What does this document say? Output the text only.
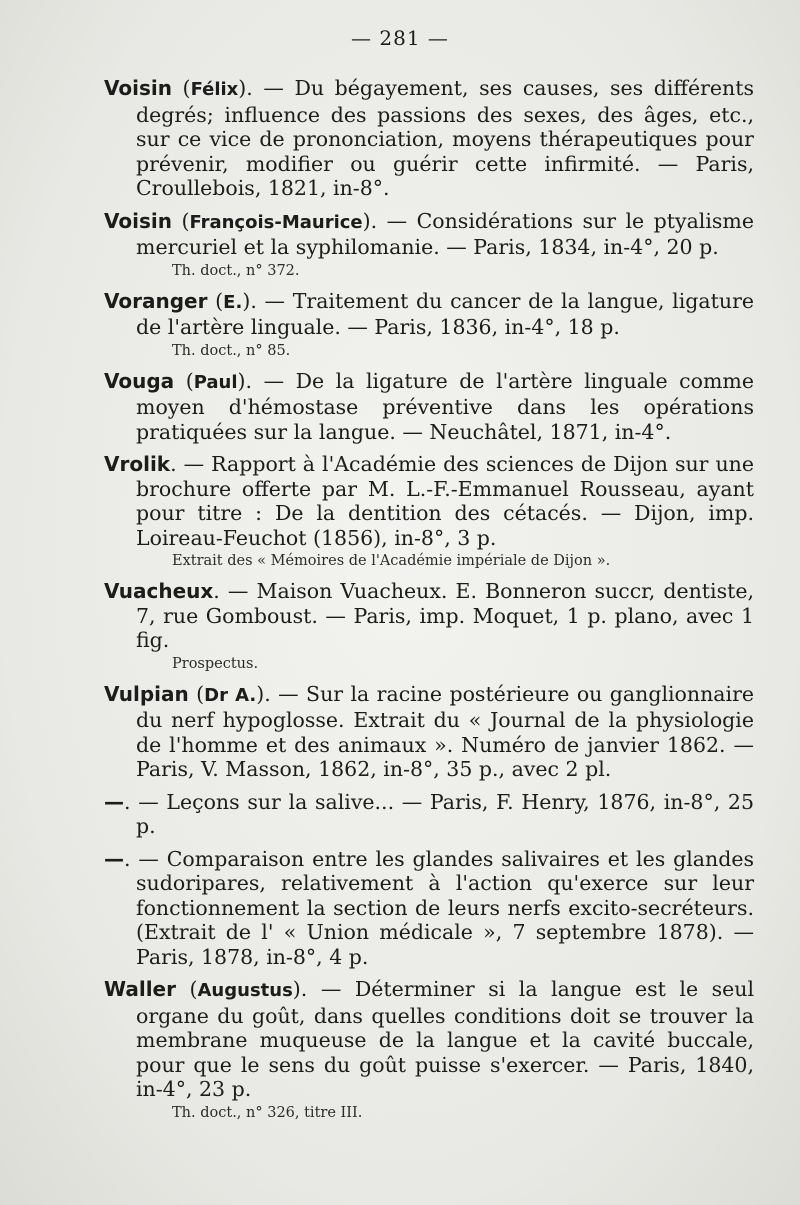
— 281 —
Voisin (Félix). — Du bégayement, ses causes, ses différents degrés; influence des passions des sexes, des âges, etc., sur ce vice de prononciation, moyens thérapeutiques pour prévenir, modifier ou guérir cette infirmité. — Paris, Croullebois, 1821, in-8°.
Voisin (François-Maurice). — Considérations sur le ptyalisme mercuriel et la syphilomanie. — Paris, 1834, in-4°, 20 p.
Th. doct., n° 372.
Voranger (E.). — Traitement du cancer de la langue, ligature de l'artère linguale. — Paris, 1836, in-4°, 18 p.
Th. doct., n° 85.
Vouga (Paul). — De la ligature de l'artère linguale comme moyen d'hémostase préventive dans les opérations pratiquées sur la langue. — Neuchâtel, 1871, in-4°.
Vrolik. — Rapport à l'Académie des sciences de Dijon sur une brochure offerte par M. L.-F.-Emmanuel Rousseau, ayant pour titre : De la dentition des cétacés. — Dijon, imp. Loireau-Feuchot (1856), in-8°, 3 p.
Extrait des « Mémoires de l'Académie impériale de Dijon ».
Vuacheux. — Maison Vuacheux. E. Bonneron succr, dentiste, 7, rue Gomboust. — Paris, imp. Moquet, 1 p. plano, avec 1 fig.
Prospectus.
Vulpian (Dr A.). — Sur la racine postérieure ou ganglionnaire du nerf hypoglosse. Extrait du « Journal de la physiologie de l'homme et des animaux ». Numéro de janvier 1862. — Paris, V. Masson, 1862, in-8°, 35 p., avec 2 pl.
—. — Leçons sur la salive... — Paris, F. Henry, 1876, in-8°, 25 p.
—. — Comparaison entre les glandes salivaires et les glandes sudoripares, relativement à l'action qu'exerce sur leur fonctionnement la section de leurs nerfs excito-secréteurs. (Extrait de l' « Union médicale », 7 septembre 1878). — Paris, 1878, in-8°, 4 p.
Waller (Augustus). — Déterminer si la langue est le seul organe du goût, dans quelles conditions doit se trouver la membrane muqueuse de la langue et la cavité buccale, pour que le sens du goût puisse s'exercer. — Paris, 1840, in-4°, 23 p.
Th. doct., n° 326, titre III.
